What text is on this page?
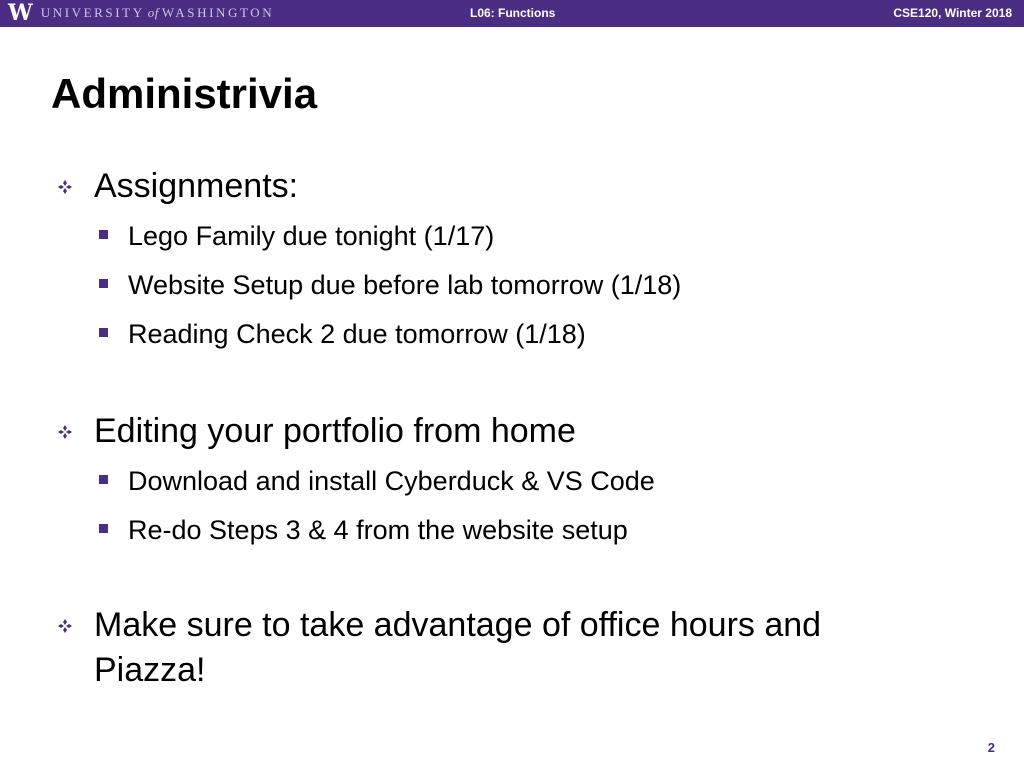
W UNIVERSITY of WASHINGTON	L06: Functions	CSE120, Winter 2018
Administrivia
Assignments:
Lego Family due tonight (1/17)
Website Setup due before lab tomorrow (1/18)
Reading Check 2 due tomorrow (1/18)
Editing your portfolio from home
Download and install Cyberduck & VS Code
Re-do Steps 3 & 4 from the website setup
Make sure to take advantage of office hours and Piazza!
2
